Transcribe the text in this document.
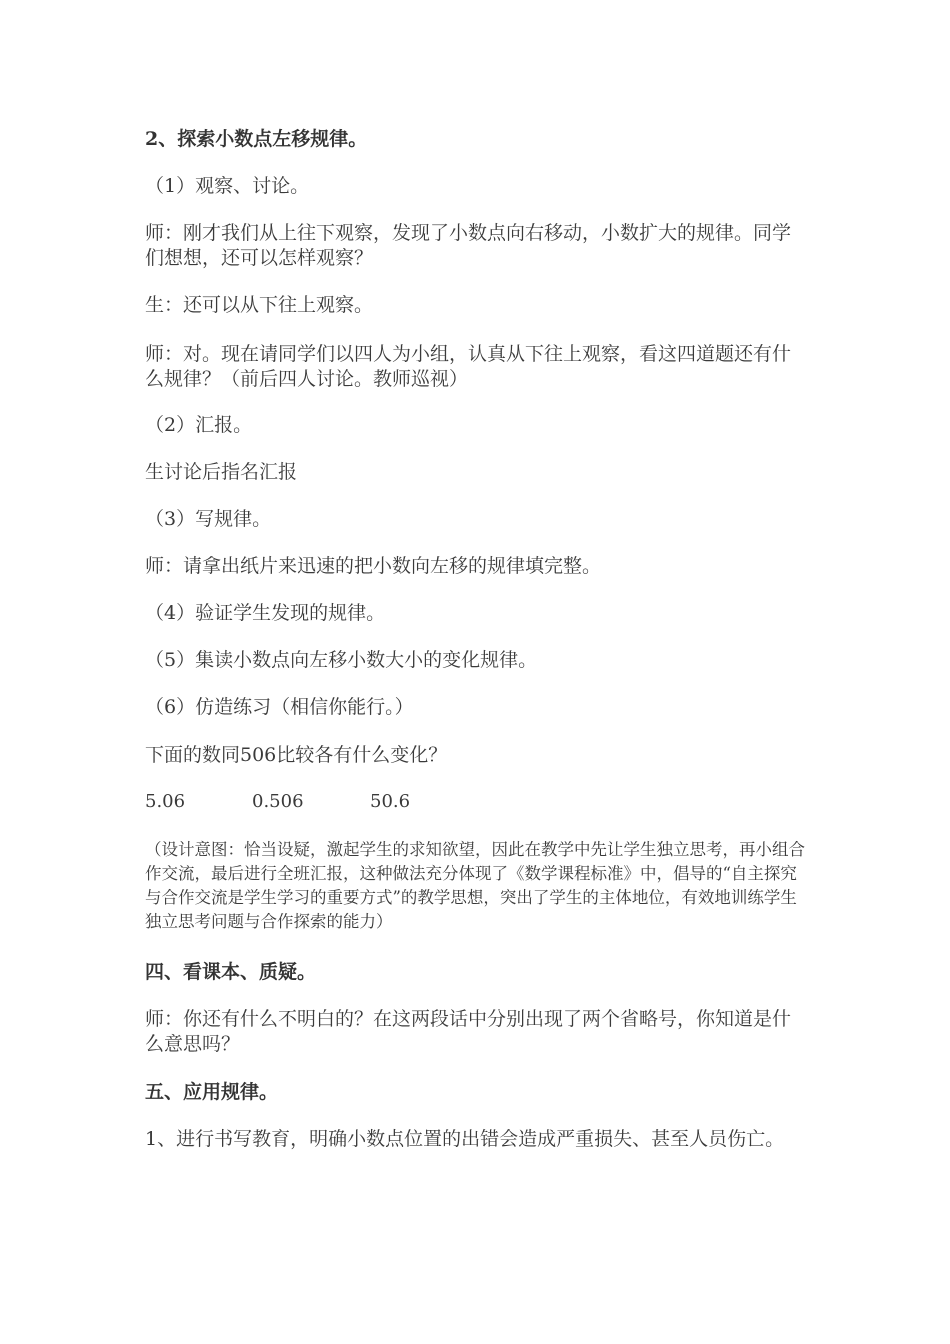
2、探索小数点左移规律。
（1）观察、讨论。
师：刚才我们从上往下观察，发现了小数点向右移动，小数扩大的规律。同学们想想，还可以怎样观察？
生：还可以从下往上观察。
师：对。现在请同学们以四人为小组，认真从下往上观察，看这四道题还有什么规律？（前后四人讨论。教师巡视）
（2）汇报。
生讨论后指名汇报
（3）写规律。
师：请拿出纸片来迅速的把小数向左移的规律填完整。
（4）验证学生发现的规律。
（5）集读小数点向左移小数大小的变化规律。
（6）仿造练习（相信你能行。）
下面的数同506比较各有什么变化？
5.06	0.506	50.6
（设计意图：恰当设疑，激起学生的求知欲望，因此在教学中先让学生独立思考，再小组合作交流，最后进行全班汇报，这种做法充分体现了《数学课程标准》中，倡导的“自主探究与合作交流是学生学习的重要方式”的教学思想，突出了学生的主体地位，有效地训练学生独立思考问题与合作探索的能力）
四、看课本、质疑。
师：你还有什么不明白的？在这两段话中分别出现了两个省略号，你知道是什么意思吗？
五、应用规律。
1、进行书写教育，明确小数点位置的出错会造成严重损失、甚至人员伤亡。
